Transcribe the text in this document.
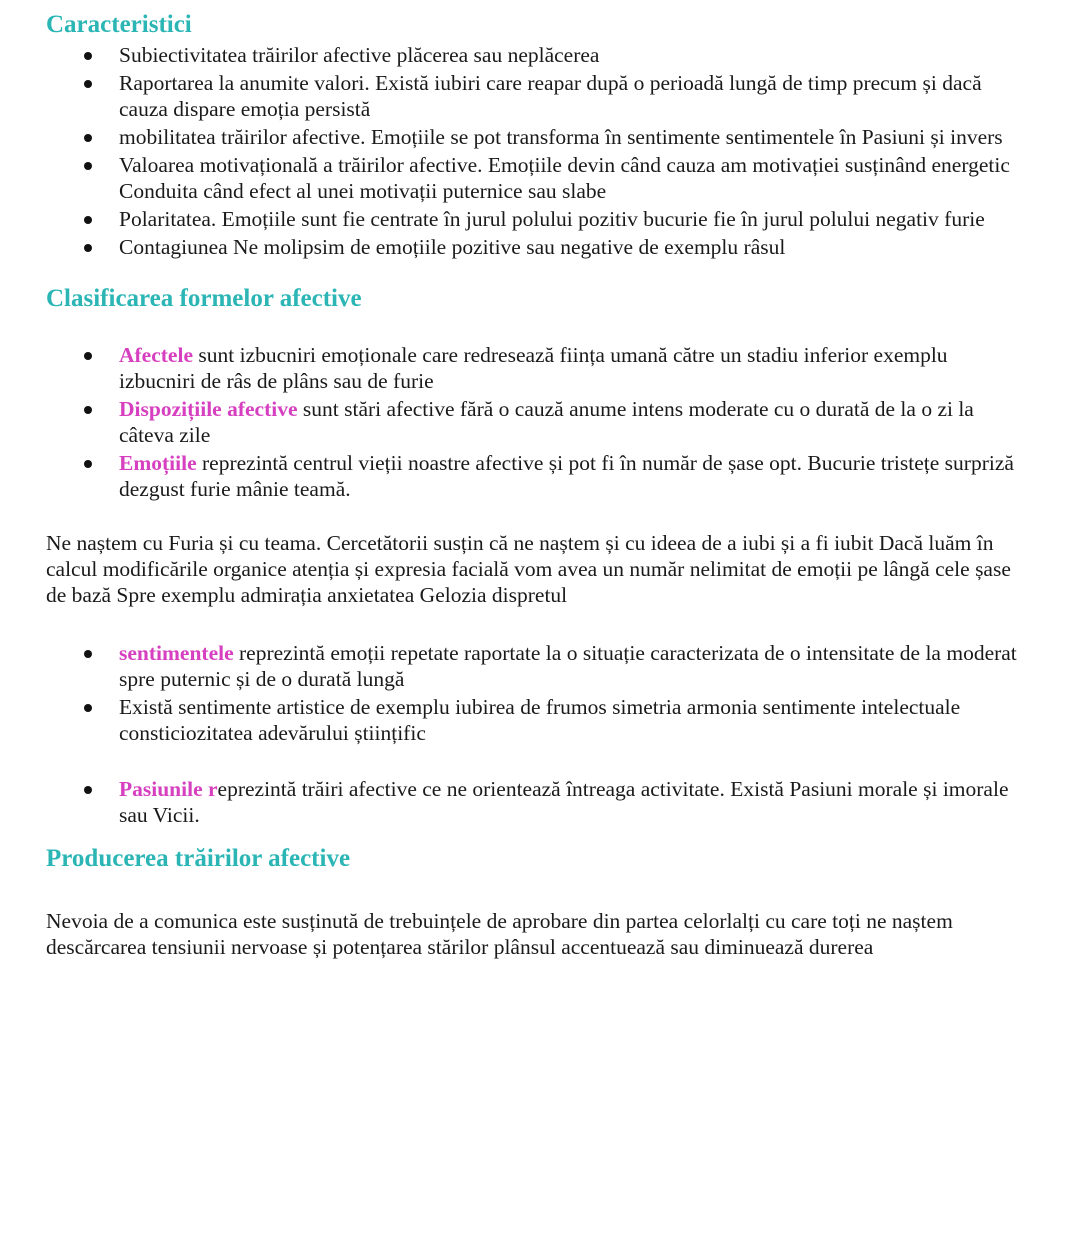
Caracteristici
Subiectivitatea trăirilor afective plăcerea sau neplăcerea
Raportarea la anumite valori. Există iubiri care reapar după o perioadă lungă de timp precum și dacă cauza dispare emoția persistă
mobilitatea trăirilor afective. Emoțiile se pot transforma în sentimente sentimentele în Pasiuni și invers
Valoarea motivațională a trăirilor afective. Emoțiile devin când cauza am motivației susținând energetic Conduita când efect al unei motivații puternice sau slabe
Polaritatea. Emoțiile sunt fie centrate în jurul polului pozitiv bucurie fie în jurul polului negativ furie
Contagiunea Ne molipsim de emoțiile pozitive sau negative de exemplu râsul
Clasificarea formelor afective
Afectele sunt izbucniri emoționale care redresează ființa umană către un stadiu inferior exemplu izbucniri de râs de plâns sau de furie
Dispozițiile afective sunt stări afective fără o cauză anume intens moderate cu o durată de la o zi la câteva zile
Emoțiile reprezintă centrul vieții noastre afective și pot fi în număr de șase opt. Bucurie tristețe surpriză dezgust furie mânie teamă.

Ne naștem cu Furia și cu teama. Cercetătorii susțin că ne naștem și cu ideea de a iubi și a fi iubit Dacă luăm în calcul modificările organice atenția și expresia facială vom avea un număr nelimitat de emoții pe lângă cele șase de bază Spre exemplu admirația anxietatea Gelozia dispretul

sentimentele reprezintă emoții repetate raportate la o situație caracterizata de o intensitate de la moderat spre puternic și de o durată lungă
Există sentimente artistice de exemplu iubirea de frumos simetria armonia sentimente intelectuale consticiozitatea adevărului științific
Pasiunile reprezintă trăiri afective ce ne orientează întreaga activitate. Există Pasiuni morale și imorale sau Vicii.
Producerea trăirilor afective

Nevoia de a comunica este susținută de trebuințele de aprobare din partea celorlalți cu care toți ne naștem descărcarea tensiunii nervoase și potențarea stărilor plânsul accentuează sau diminuează durerea
